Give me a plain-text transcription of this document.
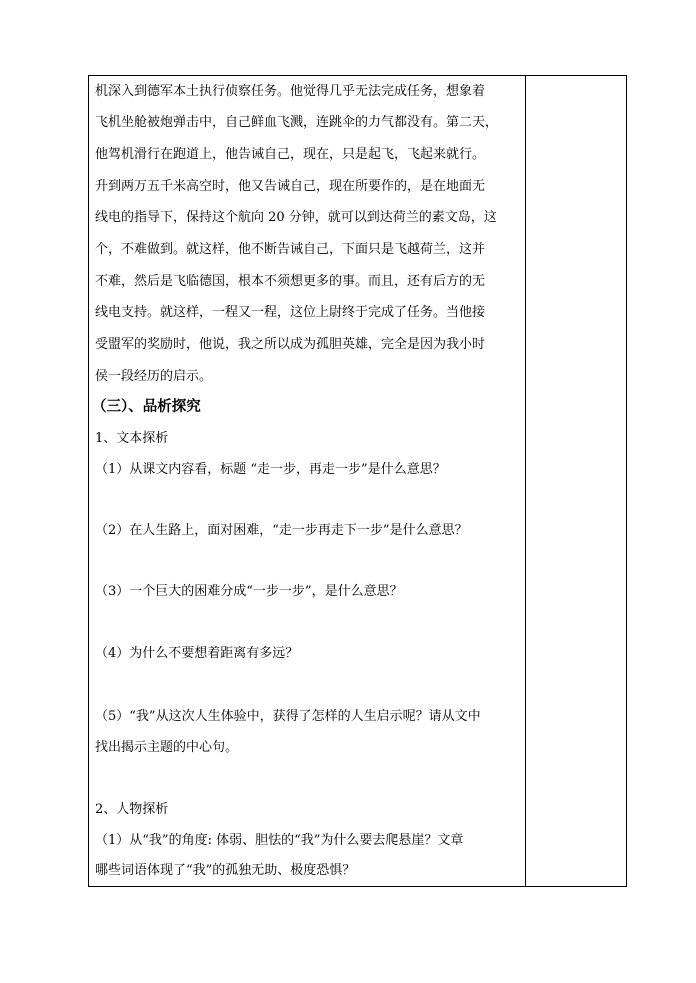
机深入到德军本土执行侦察任务。他觉得几乎无法完成任务，想象着
飞机坐舱被炮弹击中，自己鲜血飞溅，连跳伞的力气都没有。第二天，
他驾机滑行在跑道上，他告诫自己，现在，只是起飞，飞起来就行。
升到两万五千米高空时，他又告诫自己，现在所要作的，是在地面无
线电的指导下，保持这个航向 20 分钟，就可以到达荷兰的素文岛，这
个，不难做到。就这样，他不断告诫自己，下面只是飞越荷兰，这并
不难，然后是飞临德国，根本不须想更多的事。而且，还有后方的无
线电支持。就这样，一程又一程，这位上尉终于完成了任务。当他接
受盟军的奖励时，他说，我之所以成为孤胆英雄，完全是因为我小时
侯一段经历的启示。
（三）、品析探究
1、文本探析
（1）从课文内容看，标题 “走一步，再走一步”是什么意思？
（2）在人生路上，面对困难，“走一步再走下一步”是什么意思？
（3）一个巨大的困难分成“一步一步”，是什么意思？
（4）为什么不要想着距离有多远？
（5）“我”从这次人生体验中，获得了怎样的人生启示呢？请从文中
找出揭示主题的中心句。
2、人物探析
（1）从“我”的角度: 体弱、胆怯的“我”为什么要去爬悬崖？文章
哪些词语体现了“我”的孤独无助、极度恐惧？
